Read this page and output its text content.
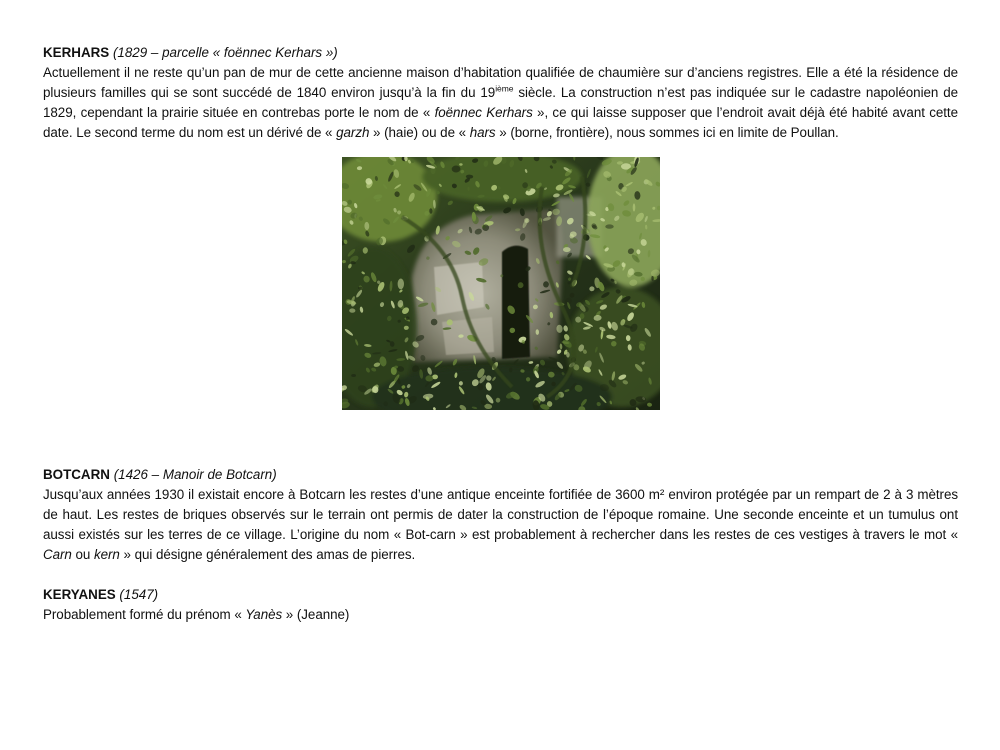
KERHARS (1829 – parcelle « foënnec Kerhars »)

Actuellement il ne reste qu’un pan de mur de cette ancienne maison d’habitation qualifiée de chaumière sur d’anciens registres. Elle a été la résidence de plusieurs familles qui se sont succédé de 1840 environ jusqu’à la fin du 19ième siècle. La construction n’est pas indiquée sur le cadastre napoléonien de 1829, cependant la prairie située en contrebas porte le nom de « foënnec Kerhars », ce qui laisse supposer que l’endroit avait déjà été habité avant cette date. Le second terme du nom est un dérivé de « garzh » (haie) ou de « hars » (borne, frontière), nous sommes ici en limite de Poullan.

BOTCARN (1426 – Manoir de Botcarn)

Jusqu’aux années 1930 il existait encore à Botcarn les restes d’une antique enceinte fortifiée de 3600 m² environ protégée par un rempart de 2 à 3 mètres de haut. Les restes de briques observés sur le terrain ont permis de dater la construction de l’époque romaine. Une seconde enceinte et un tumulus ont aussi existés sur les terres de ce village. L’origine du nom « Bot-carn » est probablement à rechercher dans les restes de ces vestiges à travers le mot « Carn ou kern » qui désigne généralement des amas de pierres.

KERYANES (1547)

Probablement formé du prénom « Yanès » (Jeanne)
